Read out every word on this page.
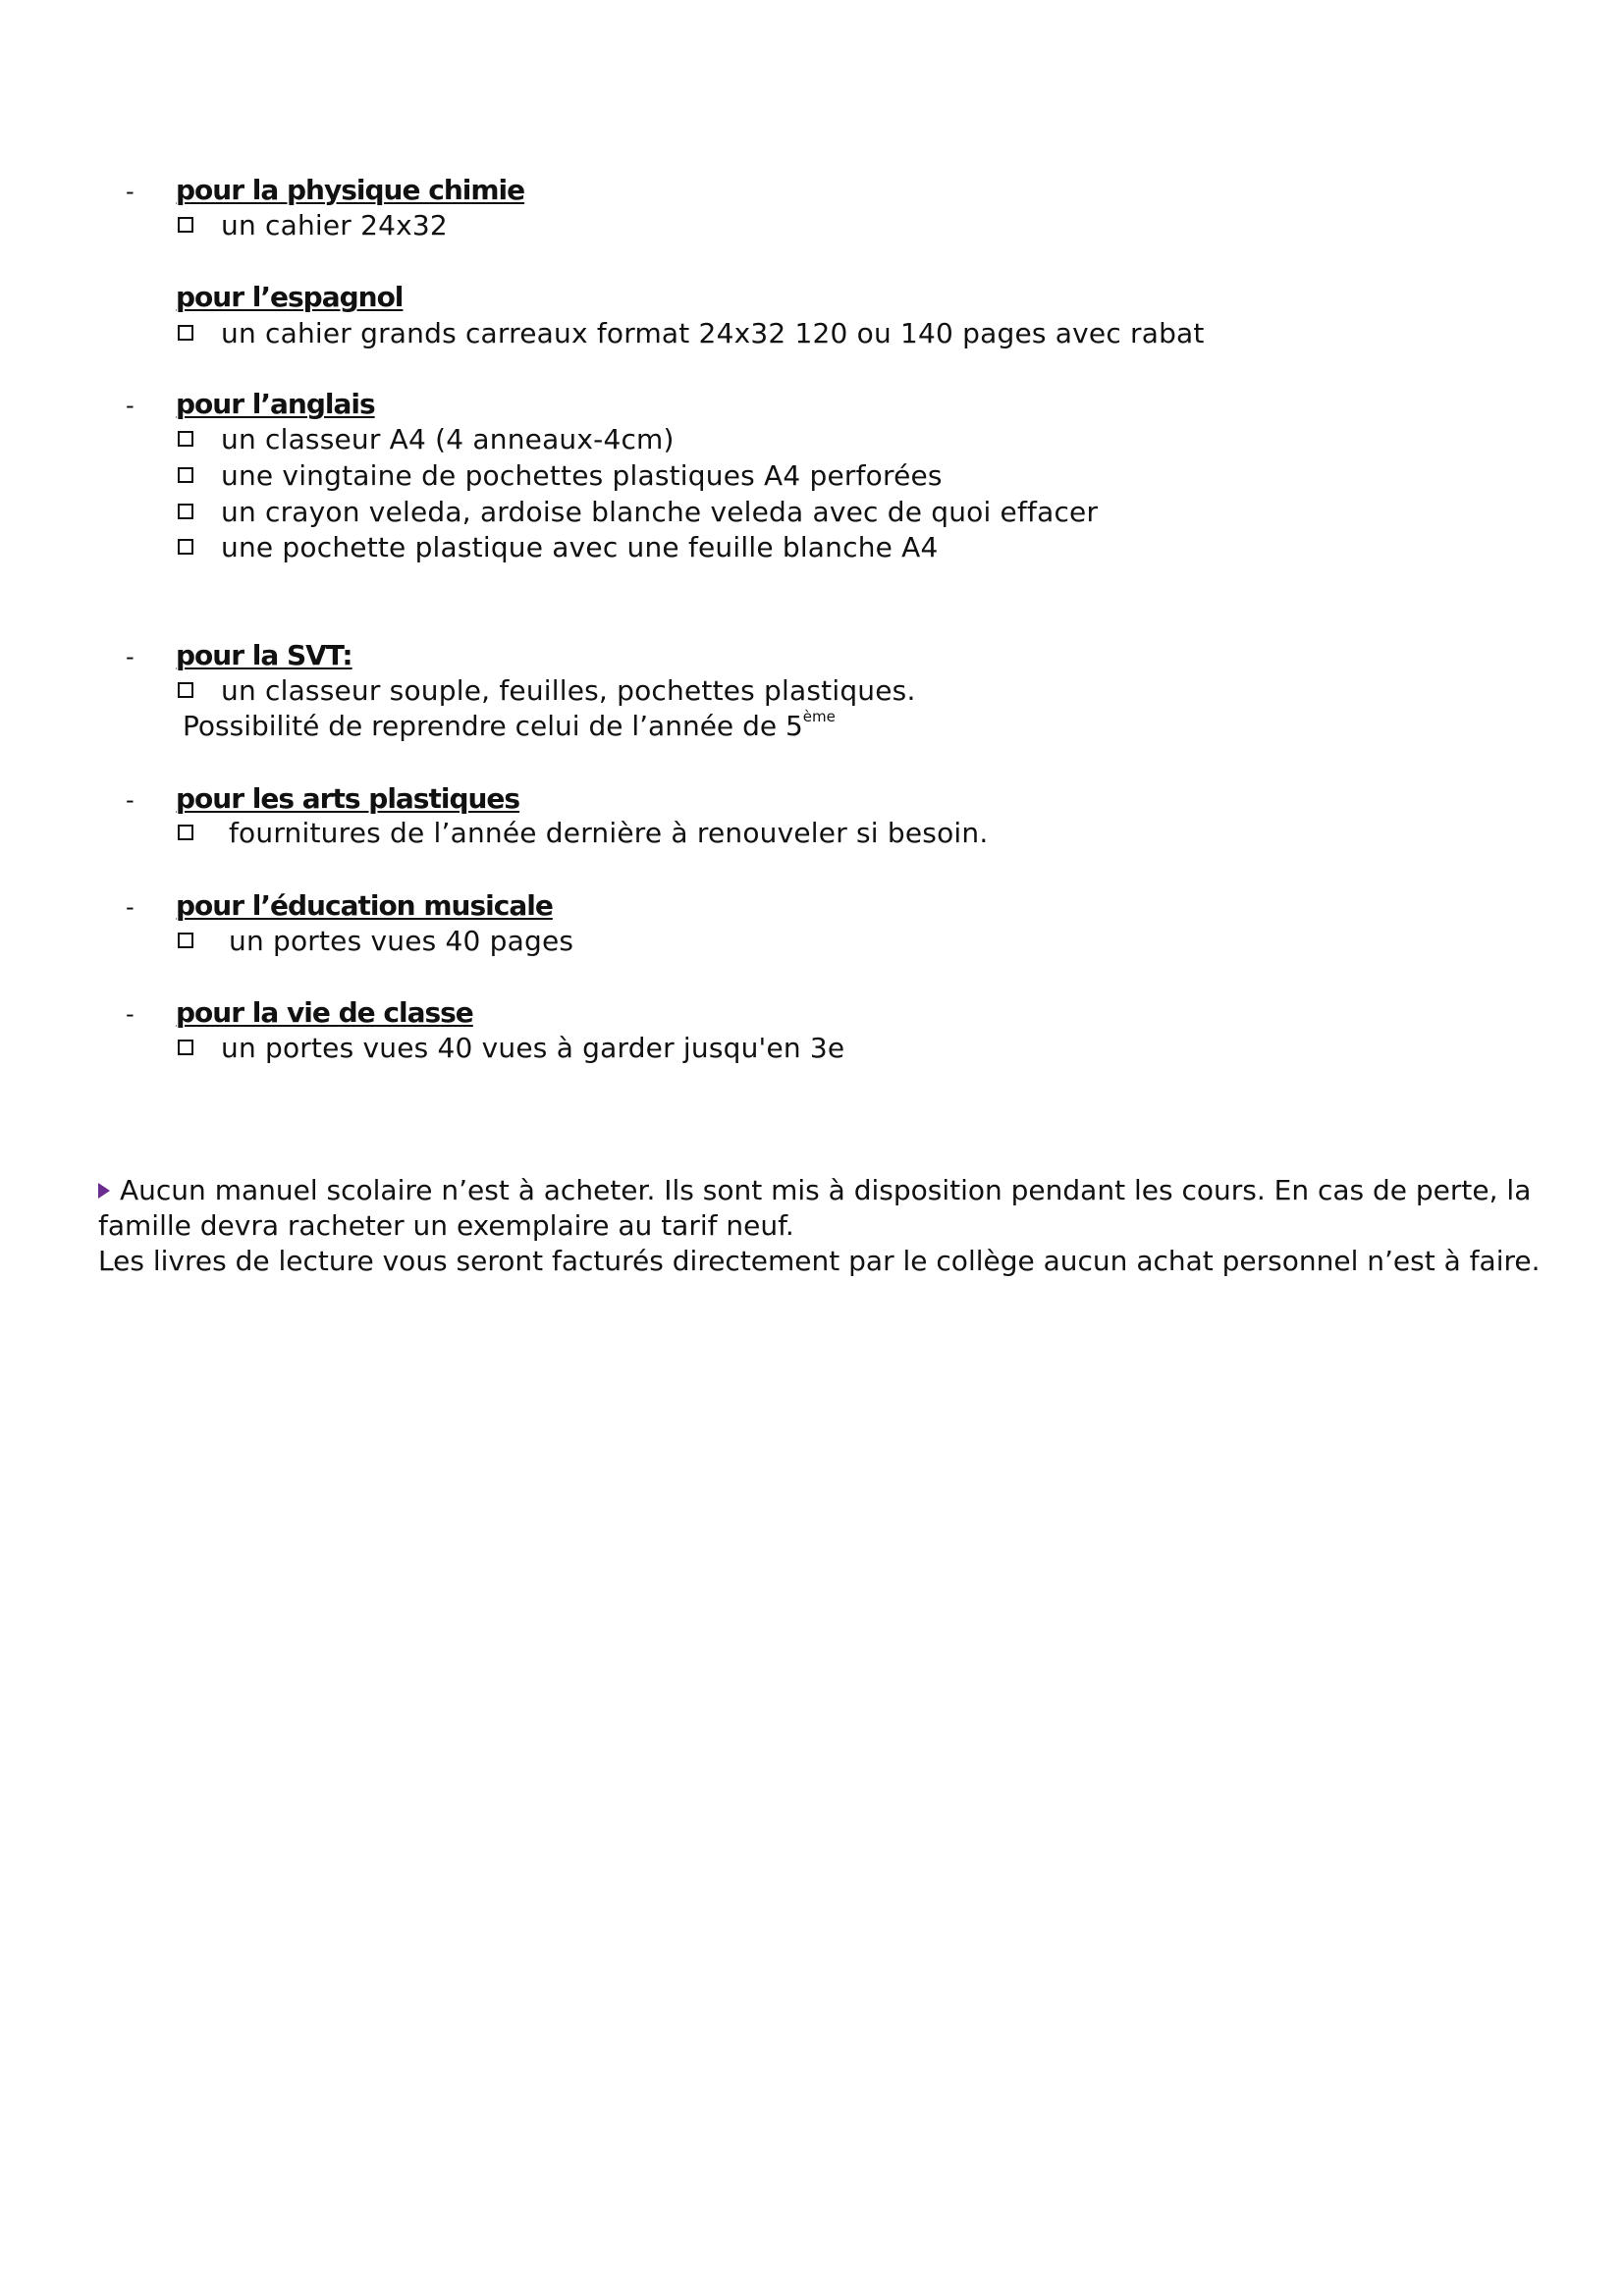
- pour la physique chimie
un cahier 24x32
pour l’espagnol
un cahier grands carreaux format 24x32 120 ou 140 pages avec rabat
- pour l’anglais
un classeur A4 (4 anneaux-4cm)
une vingtaine de pochettes plastiques A4 perforées
un crayon veleda, ardoise blanche veleda avec de quoi effacer
une pochette plastique avec une feuille blanche A4
- pour la SVT:
un classeur souple, feuilles, pochettes plastiques.
Possibilité de reprendre celui de l’année de 5ème
- pour les arts plastiques
fournitures de l’année dernière à renouveler si besoin.
- pour l’éducation musicale
un portes vues 40 pages
- pour la vie de classe
un portes vues 40 vues à garder jusqu'en 3e
Aucun manuel scolaire n’est à acheter. Ils sont mis à disposition pendant les cours. En cas de perte, la
famille devra racheter un exemplaire au tarif neuf.
Les livres de lecture vous seront facturés directement par le collège aucun achat personnel n’est à faire.
